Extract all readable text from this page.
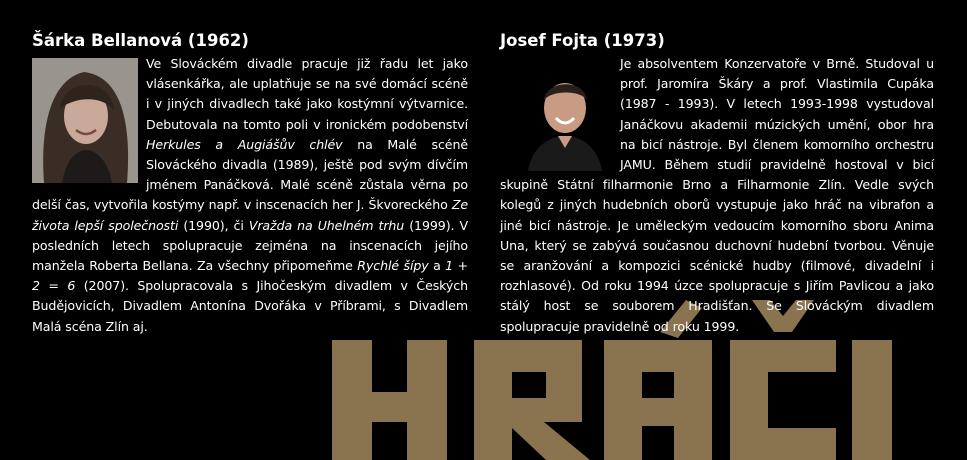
Šárka Bellanová (1962)

Ve Slováckém divadle pracuje již řadu let jako vlásenkářka, ale uplatňuje se na své domácí scéně i v jiných divadlech také jako kostýmní výtvarnice. Debutovala na tomto poli v ironickém podobenství Herkules a Augiášův chlév na Malé scéně Slováckého divadla (1989), ještě pod svým dívčím jménem Panáčková. Malé scéně zůstala věrna po delší čas, vytvořila kostýmy např. v inscenacích her J. Škvoreckého Ze života lepší společnosti (1990), či Vražda na Uhelném trhu (1999). V posledních letech spolupracuje zejména na inscenacích jejího manžela Roberta Bellana. Za všechny připomeňme Rychlé šípy a 1 + 2 = 6 (2007). Spolupracovala s Jihočeským divadlem v Českých Budějovicích, Divadlem Antonína Dvořáka v Příbrami, s Divadlem Malá scéna Zlín aj.

Josef Fojta (1973)

Je absolventem Konzervatoře v Brně. Studoval u prof. Jaromíra Škáry a prof. Vlastimila Cupáka (1987 - 1993). V letech 1993-1998 vystudoval Janáčkovu akademii múzických umění, obor hra na bicí nástroje. Byl členem komorního orchestru JAMU. Během studií pravidelně hostoval v bicí skupině Státní filharmonie Brno a Filharmonie Zlín. Vedle svých kolegů z jiných hudebních oborů vystupuje jako hráč na vibrafon a jiné bicí nástroje. Je uměleckým vedoucím komorního sboru Anima Una, který se zabývá současnou duchovní hudební tvorbou. Věnuje se aranžování a kompozici scénické hudby (filmové, divadelní i rozhlasové). Od roku 1994 úzce spolupracuje s Jiřím Pavlicou a jako stálý host se souborem Hradišťan. Se Slováckým divadlem spolupracuje pravidelně od roku 1999.
